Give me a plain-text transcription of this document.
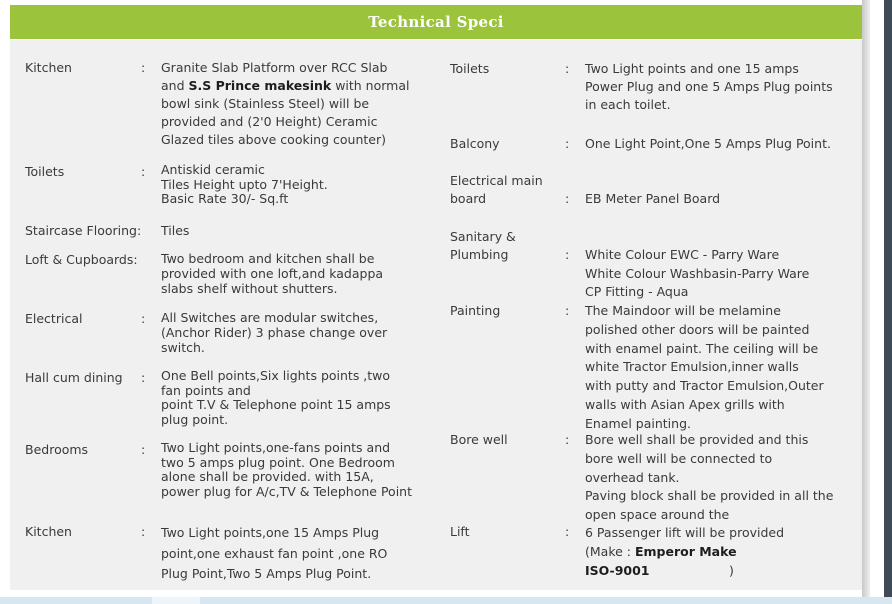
Technical Speci
Kitchen	: Granite Slab Platform over RCC Slab
and S.S Prince makesink with normal
bowl sink (Stainless Steel) will be
provided and (2'0 Height) Ceramic
Glazed tiles above cooking counter)
Toilets	: Antiskid ceramic
Tiles Height upto 7'Height.
Basic Rate 30/- Sq.ft
Staircase Flooring: Tiles
Loft & Cupboards: Two bedroom and kitchen shall be
provided with one loft,and kadappa
slabs shelf without shutters.
Electrical	: All Switches are modular switches,
(Anchor Rider) 3 phase change over
switch.
Hall cum dining : One Bell points,Six lights points ,two
fan points and
point T.V & Telephone point 15 amps
plug point.
Bedrooms	: Two Light points,one-fans points and
two 5 amps plug point. One Bedroom
alone shall be provided. with 15A,
power plug for A/c,TV & Telephone Point
Kitchen	: Two Light points,one 15 Amps Plug
point,one exhaust fan point ,one RO
Plug Point,Two 5 Amps Plug Point.
Toilets	: Two Light points and one 15 amps
Power Plug and one 5 Amps Plug points
in each toilet.
Balcony	: One Light Point,One 5 Amps Plug Point.
Electrical main
board	: EB Meter Panel Board
Sanitary &
Plumbing	: White Colour EWC - Parry Ware
White Colour Washbasin-Parry Ware
CP Fitting - Aqua
Painting	: The Maindoor will be melamine
polished other doors will be painted
with enamel paint. The ceiling will be
white Tractor Emulsion,inner walls
with putty and Tractor Emulsion,Outer
walls with Asian Apex grills with
Enamel painting.
Bore well	: Bore well shall be provided and this
bore well will be connected to
overhead tank.
Paving block shall be provided in all the
open space around the
Lift	: 6 Passenger lift will be provided
(Make : Emperor Make
ISO-9001                    )
